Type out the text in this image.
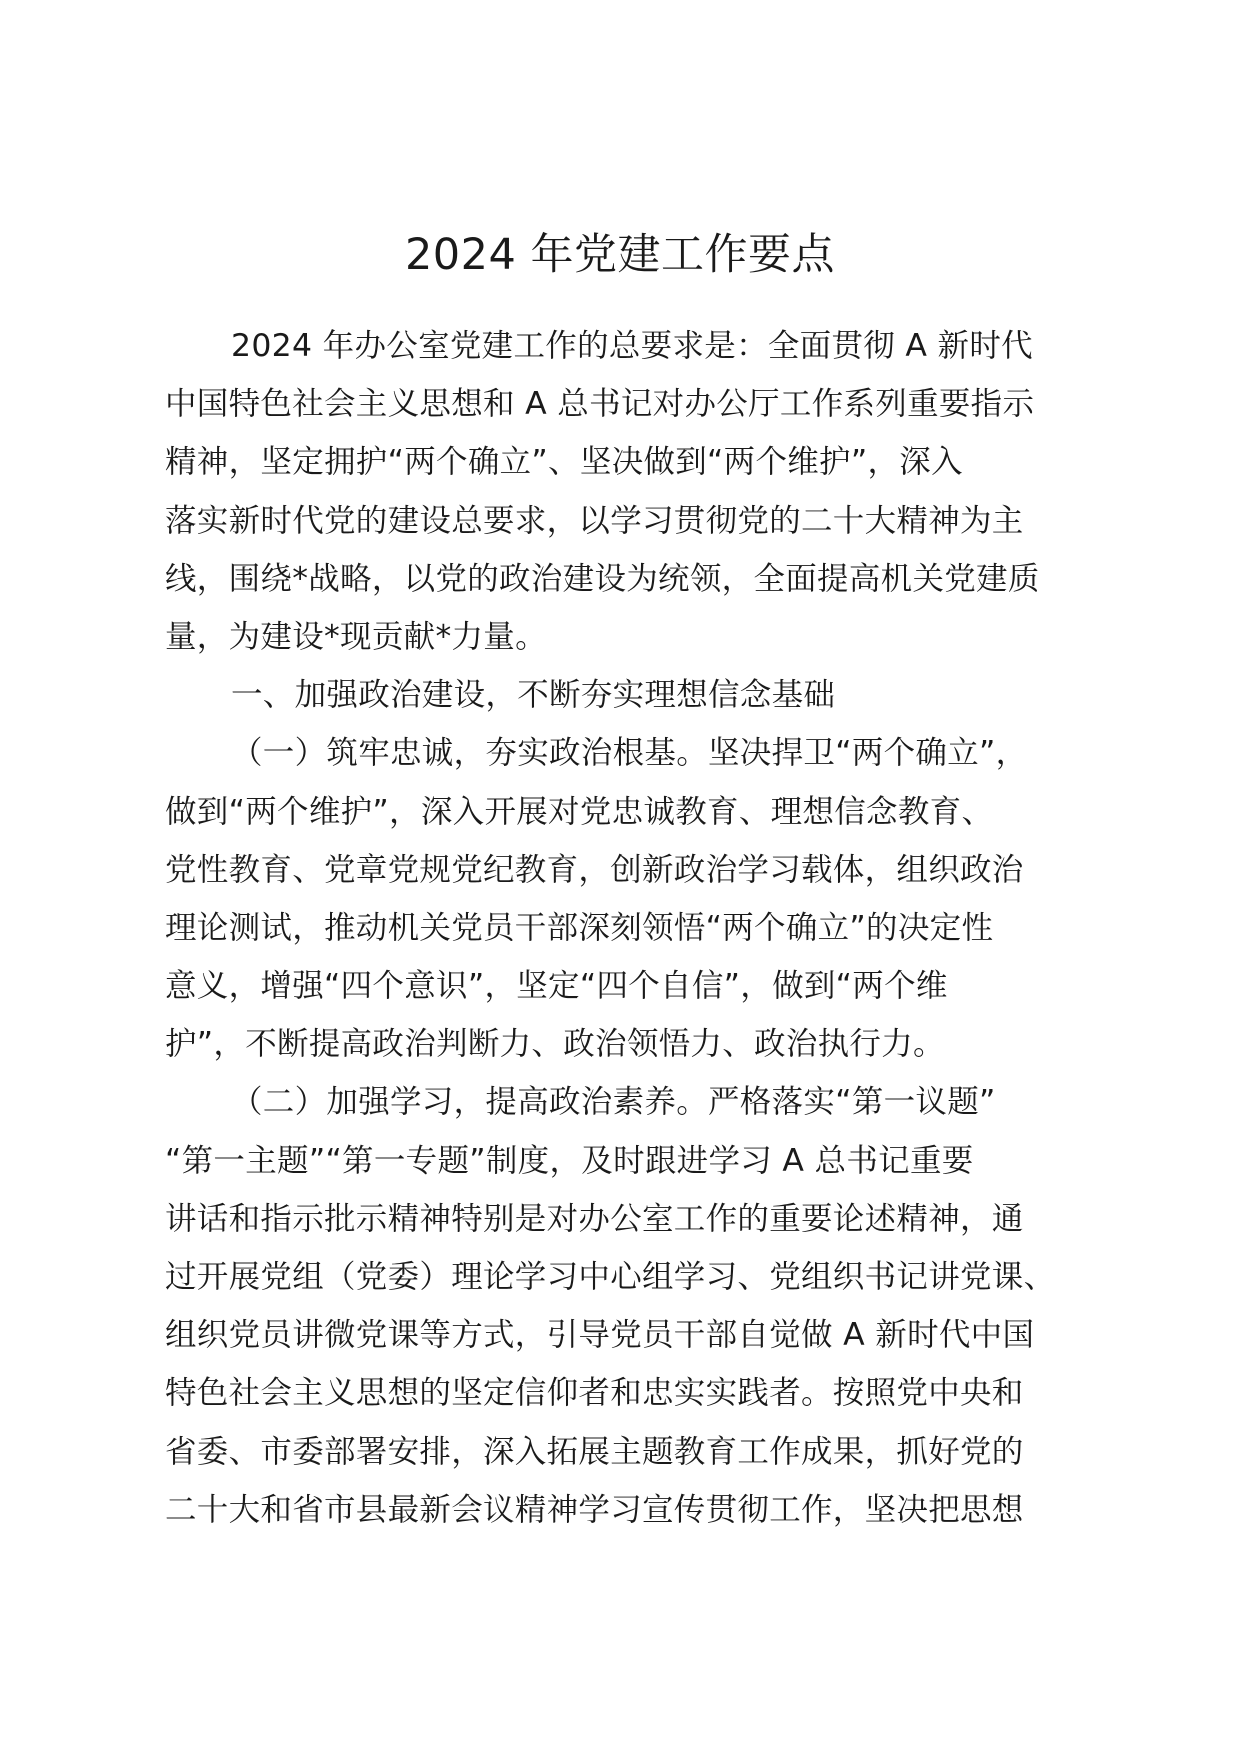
2024 年党建工作要点
2024 年办公室党建工作的总要求是：全面贯彻 A 新时代
中国特色社会主义思想和 A 总书记对办公厅工作系列重要指示
精神，坚定拥护“两个确立”、坚决做到“两个维护”，深入
落实新时代党的建设总要求，以学习贯彻党的二十大精神为主
线，围绕*战略，以党的政治建设为统领，全面提高机关党建质
量，为建设*现贡献*力量。
一、加强政治建设，不断夯实理想信念基础
（一）筑牢忠诚，夯实政治根基。坚决捍卫“两个确立”，
做到“两个维护”，深入开展对党忠诚教育、理想信念教育、
党性教育、党章党规党纪教育，创新政治学习载体，组织政治
理论测试，推动机关党员干部深刻领悟“两个确立”的决定性
意义，增强“四个意识”，坚定“四个自信”，做到“两个维
护”，不断提高政治判断力、政治领悟力、政治执行力。
（二）加强学习，提高政治素养。严格落实“第一议题”
“第一主题”“第一专题”制度，及时跟进学习 A 总书记重要
讲话和指示批示精神特别是对办公室工作的重要论述精神，通
过开展党组（党委）理论学习中心组学习、党组织书记讲党课、
组织党员讲微党课等方式，引导党员干部自觉做 A 新时代中国
特色社会主义思想的坚定信仰者和忠实实践者。按照党中央和
省委、市委部署安排，深入拓展主题教育工作成果，抓好党的
二十大和省市县最新会议精神学习宣传贯彻工作，坚决把思想
